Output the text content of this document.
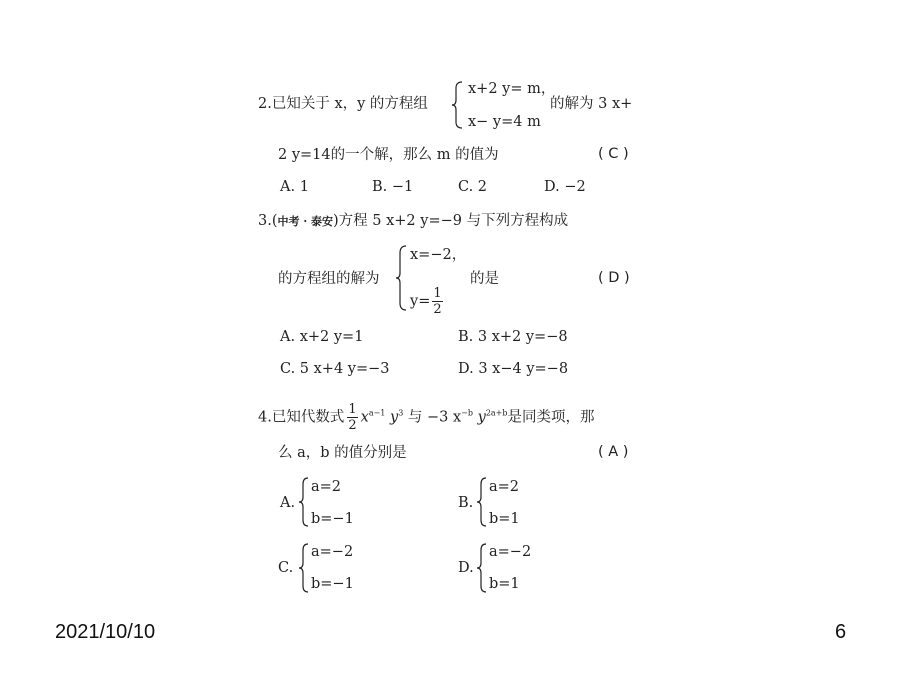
2.已知关于 x，y 的方程组
x+2 y= m，
x− y=4 m
的解为 3 x+
2 y=14的一个解，那么 m 的值为	( C )
A. 1	B. −1	C. 2	D. −2
3.(中考 · 泰安)方程 5 x+2 y=−9 与下列方程构成
的方程组的解为
x=−2，
$y= \frac{1}{2}$
的是	( D )
A. x+2 y=1	B. 3 x+2 y=−8
C. 5 x+4 y=−3	D. 3 x−4 y=−8
4.已知代数式 $\frac{1}{2} x^{a-1}$ $y^3$ 与 −3 $x^{-b}$ $y^{2a+b}$是同类项，那
么 a，b 的值分别是	( A )
A.
a=2
b=−1
B.
a=2
b=1
C.
a=−2
b=−1
D.
a=−2
b=1
2021/10/10	6
